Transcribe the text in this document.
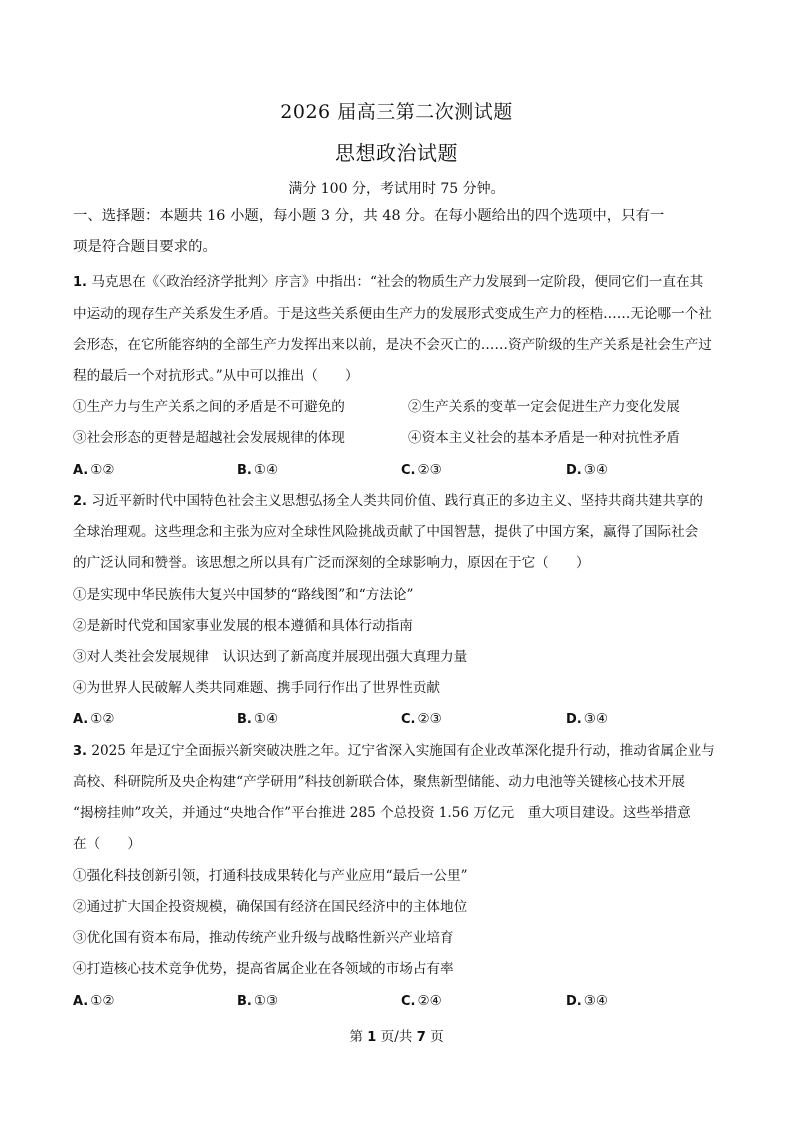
2026 届高三第二次测试题
思想政治试题
满分 100 分，考试用时 75 分钟。
一、选择题：本题共 16 小题，每小题 3 分，共 48 分。在每小题给出的四个选项中，只有一
项是符合题目要求的。
1. 马克思在《〈政治经济学批判〉序言》中指出：“社会的物质生产力发展到一定阶段，便同它们一直在其
中运动的现存生产关系发生矛盾。于是这些关系便由生产力的发展形式变成生产力的桎梏……无论哪一个社
会形态，在它所能容纳的全部生产力发挥出来以前，是决不会灭亡的……资产阶级的生产关系是社会生产过
程的最后一个对抗形式。”从中可以推出（　　）
①生产力与生产关系之间的矛盾是不可避免的	②生产关系的变革一定会促进生产力变化发展
③社会形态的更替是超越社会发展规律的体现	④资本主义社会的基本矛盾是一种对抗性矛盾
A. ①②	B. ①④	C. ②③	D. ③④
2. 习近平新时代中国特色社会主义思想弘扬全人类共同价值、践行真正的多边主义、坚持共商共建共享的
全球治理观。这些理念和主张为应对全球性风险挑战贡献了中国智慧，提供了中国方案，赢得了国际社会
的广泛认同和赞誉。该思想之所以具有广泛而深刻的全球影响力，原因在于它（　　）
①是实现中华民族伟大复兴中国梦的“路线图”和“方法论”
②是新时代党和国家事业发展的根本遵循和具体行动指南
③对人类社会发展规律　认识达到了新高度并展现出强大真理力量
④为世界人民破解人类共同难题、携手同行作出了世界性贡献
A. ①②	B. ①④	C. ②③	D. ③④
3. 2025 年是辽宁全面振兴新突破决胜之年。辽宁省深入实施国有企业改革深化提升行动，推动省属企业与
高校、科研院所及央企构建“产学研用”科技创新联合体，聚焦新型储能、动力电池等关键核心技术开展
“揭榜挂帅”攻关，并通过“央地合作”平台推进 285 个总投资 1.56 万亿元　重大项目建设。这些举措意
在（　　）
①强化科技创新引领，打通科技成果转化与产业应用“最后一公里”
②通过扩大国企投资规模，确保国有经济在国民经济中的主体地位
③优化国有资本布局，推动传统产业升级与战略性新兴产业培育
④打造核心技术竞争优势，提高省属企业在各领域的市场占有率
A. ①②	B. ①③	C. ②④	D. ③④
第 1 页/共 7 页
